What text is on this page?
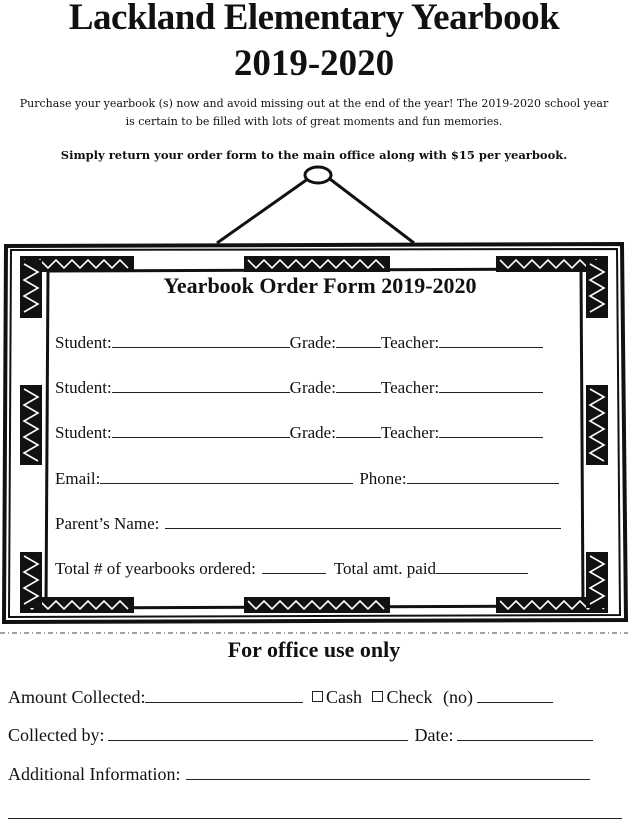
Lackland Elementary Yearbook
2019-2020
Purchase your yearbook (s) now and avoid missing out at the end of the year! The 2019-2020 school year
is certain to be filled with lots of great moments and fun memories.
Simply return your order form to the main office along with $15 per yearbook.
Yearbook Order Form 2019-2020
Student:	Grade:	Teacher:
Student:	Grade:	Teacher:
Student:	Grade:	Teacher:
Email:	Phone:
Parent’s Name:
Total # of yearbooks ordered:	Total amt. paid
For office use only
Amount Collected:	Cash Check (no)
Collected by:	Date:
Additional Information:
